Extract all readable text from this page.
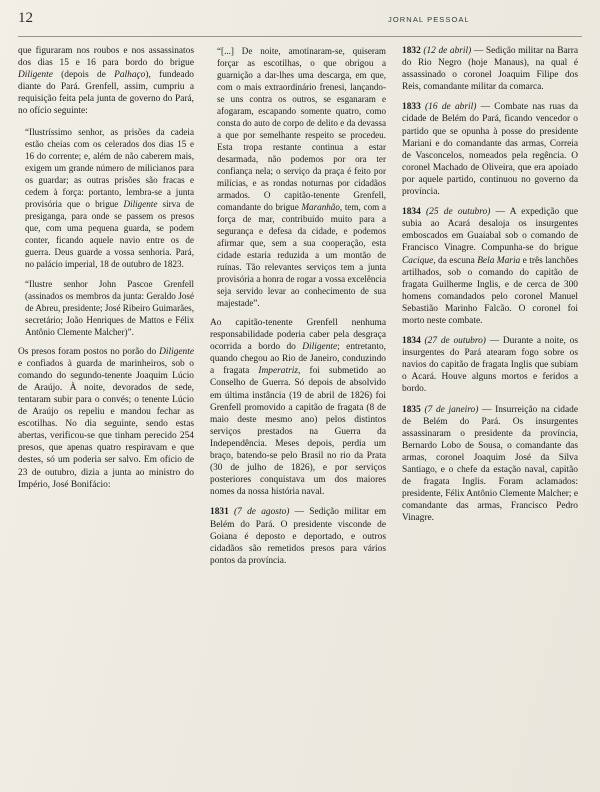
12	JORNAL PESSOAL

que figuraram nos roubos e nos assassinatos dos dias 15 e 16 para bordo do brigue Diligente (depois de Palhaço), fundeado diante do Pará. Grenfell, assim, cumpriu a requisição feita pela junta de governo do Pará, no ofício seguinte:

“Ilustríssimo senhor, as prisões da cadeia estão cheias com os celerados dos dias 15 e 16 do corrente; e, além de não caberem mais, exigem um grande número de milicianos para os guardar; as outras prisões são fracas e cedem à força: portanto, lembra-se a junta provisória que o brigue Diligente sirva de presiganga, para onde se passem os presos que, com uma pequena guarda, se podem conter, ficando aquele navio entre os de guerra. Deus guarde a vossa senhoria. Pará, no palácio imperial, 18 de outubro de 1823.

“Ilustre senhor John Pascoe Grenfell (assinados os membros da junta: Geraldo José de Abreu, presidente; José Ribeiro Guimarães, secretário; João Henriques de Mattos e Félix Antônio Clemente Malcher)”.

Os presos foram postos no porão do Diligente e confiados à guarda de marinheiros, sob o comando do segundo-tenente Joaquim Lúcio de Araújo. À noite, devorados de sede, tentaram subir para o convés; o tenente Lúcio de Araújo os repeliu e mandou fechar as escotilhas. No dia seguinte, sendo estas abertas, verificou-se que tinham perecido 254 presos, que apenas quatro respiravam e que destes, só um poderia ser salvo. Em ofício de 23 de outubro, dizia a junta ao ministro do Império, José Bonifácio:

“[...] De noite, amotinaram-se, quiseram forçar as escotilhas, o que obrigou a guarnição a dar-lhes uma descarga, em que, com o mais extraordinário frenesi, lançando-se uns contra os outros, se esganaram e afogaram, escapando somente quatro, como consta do auto de corpo de delito e da devassa a que por semelhante respeito se procedeu. Esta tropa restante continua a estar desarmada, não podemos por ora ter confiança nela; o serviço da praça é feito por milícias, e as rondas noturnas por cidadãos armados. O capitão-tenente Grenfell, comandante do brigue Maranhão, tem, com a força de mar, contribuído muito para a segurança e defesa da cidade, e podemos afirmar que, sem a sua cooperação, esta cidade estaria reduzida a um montão de ruínas. Tão relevantes serviços tem a junta provisória a honra de rogar a vossa excelência seja servido levar ao conhecimento de sua majestade”.

Ao capitão-tenente Grenfell nenhuma responsabilidade poderia caber pela desgraça ocorrida a bordo do Diligente; entretanto, quando chegou ao Rio de Janeiro, conduzindo a fragata Imperatriz, foi submetido ao Conselho de Guerra. Só depois de absolvido em última instância (19 de abril de 1826) foi Grenfell promovido a capitão de fragata (8 de maio deste mesmo ano) pelos distintos serviços prestados na Guerra da Independência. Meses depois, perdia um braço, batendo-se pelo Brasil no rio da Prata (30 de julho de 1826), e por serviços posteriores conquistava um dos maiores nomes da nossa história naval.

1831 (7 de agosto) — Sedição militar em Belém do Pará. O presidente visconde de Goiana é deposto e deportado, e outros cidadãos são remetidos presos para vários pontos da província.

1832 (12 de abril) — Sedição militar na Barra do Rio Negro (hoje Manaus), na qual é assassinado o coronel Joaquim Filipe dos Reis, comandante militar da comarca.

1833 (16 de abril) — Combate nas ruas da cidade de Belém do Pará, ficando vencedor o partido que se opunha à posse do presidente Mariani e do comandante das armas, Correia de Vasconcelos, nomeados pela regência. O coronel Machado de Oliveira, que era apoiado por aquele partido, continuou no governo da província.

1834 (25 de outubro) — A expedição que subia ao Acará desaloja os insurgentes emboscados em Guaiabal sob o comando de Francisco Vinagre. Compunha-se do brigue Cacique, da escuna Bela Maria e três lanchões artilhados, sob o comando do capitão de fragata Guilherme Inglis, e de cerca de 300 homens comandados pelo coronel Manuel Sebastião Marinho Falcão. O coronel foi morto neste combate.

1834 (27 de outubro) — Durante a noite, os insurgentes do Pará atearam fogo sobre os navios do capitão de fragata Inglis que subiam o Acará. Houve alguns mortos e feridos a bordo.

1835 (7 de janeiro) — Insurreição na cidade de Belém do Pará. Os insurgentes assassinaram o presidente da província, Bernardo Lobo de Sousa, o comandante das armas, coronel Joaquim José da Silva Santiago, e o chefe da estação naval, capitão de fragata Inglis. Foram aclamados: presidente, Félix Antônio Clemente Malcher; e comandante das armas, Francisco Pedro Vinagre.
